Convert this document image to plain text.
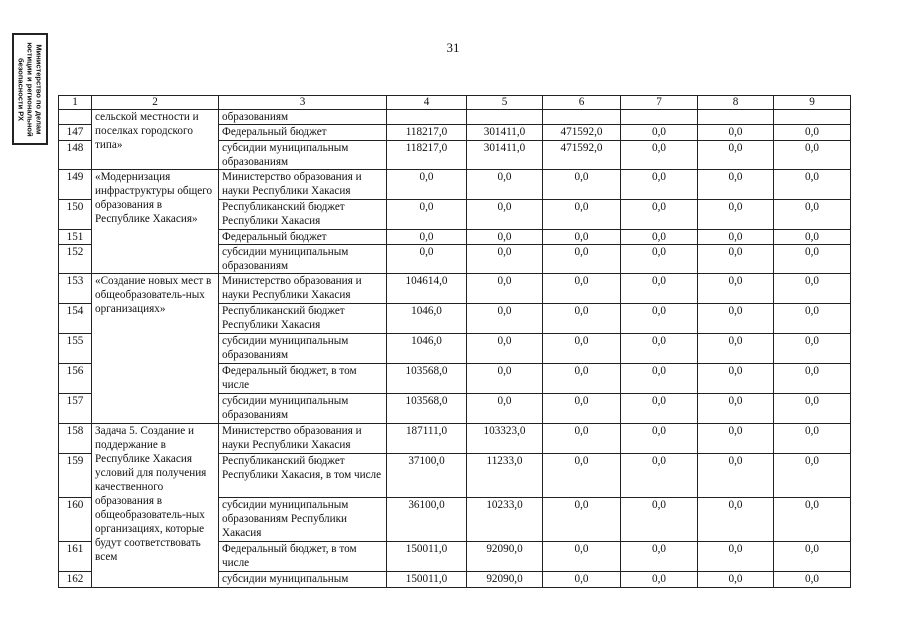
31
Министерство по делам
юстиции и региональной
безопасности РХ	1	2	3	4	5	6	7	8	9
	сельской местности и поселках городского типа»	образованиям						
147		Федеральный бюджет	118217,0	301411,0	471592,0	0,0	0,0	0,0
148		субсидии муниципальным образованиям	118217,0	301411,0	471592,0	0,0	0,0	0,0
149	«Модернизация инфраструктуры общего образования в Республике Хакасия»	Министерство образования и науки Республики Хакасия	0,0	0,0	0,0	0,0	0,0	0,0
150		Республиканский бюджет Республики Хакасия	0,0	0,0	0,0	0,0	0,0	0,0
151		Федеральный бюджет	0,0	0,0	0,0	0,0	0,0	0,0
152		субсидии муниципальным образованиям	0,0	0,0	0,0	0,0	0,0	0,0
153	«Создание новых мест в общеобразователь-ных организациях»	Министерство образования и науки Республики Хакасия	104614,0	0,0	0,0	0,0	0,0	0,0
154		Республиканский бюджет Республики Хакасия	1046,0	0,0	0,0	0,0	0,0	0,0
155		субсидии муниципальным образованиям	1046,0	0,0	0,0	0,0	0,0	0,0
156		Федеральный бюджет, в том числе	103568,0	0,0	0,0	0,0	0,0	0,0
157		субсидии муниципальным образованиям	103568,0	0,0	0,0	0,0	0,0	0,0
158	Задача 5. Создание и поддержание в Республике Хакасия условий для получения качественного образования в общеобразователь-ных организациях, которые будут соответствовать всем	Министерство образования и науки Республики Хакасия	187111,0	103323,0	0,0	0,0	0,0	0,0
159		Республиканский бюджет Республики Хакасия, в том числе	37100,0	11233,0	0,0	0,0	0,0	0,0
160		субсидии муниципальным образованиям Республики Хакасия	36100,0	10233,0	0,0	0,0	0,0	0,0
161		Федеральный бюджет, в том числе	150011,0	92090,0	0,0	0,0	0,0	0,0
162		субсидии муниципальным	150011,0	92090,0	0,0	0,0	0,0	0,0
